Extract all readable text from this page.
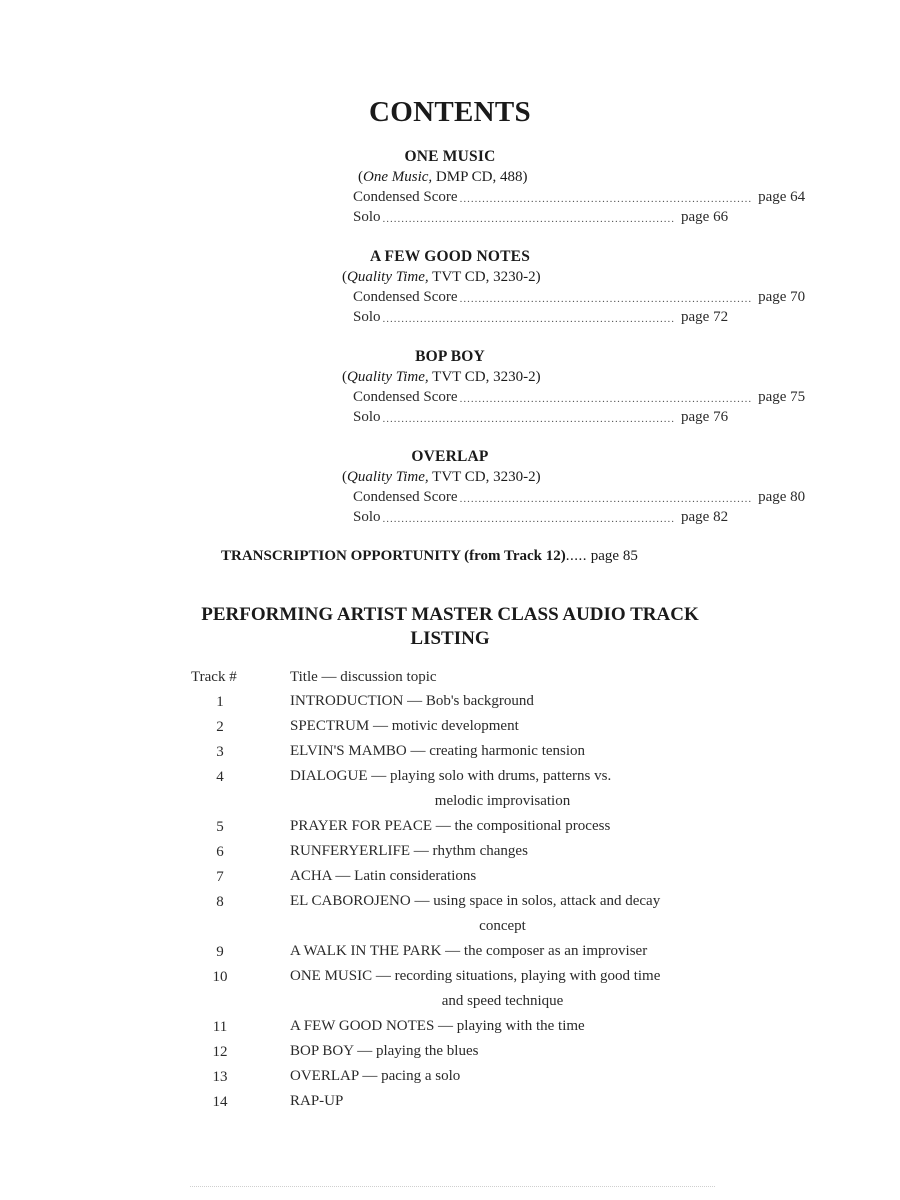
CONTENTS
ONE MUSIC
(One Music, DMP CD, 488)
Condensed Score .............................................................................. page 64
Solo .............................................................................. page 66
A FEW GOOD NOTES
(Quality Time, TVT CD, 3230-2)
Condensed Score .............................................................................. page 70
Solo .............................................................................. page 72
BOP BOY
(Quality Time, TVT CD, 3230-2)
Condensed Score .............................................................................. page 75
Solo .............................................................................. page 76
OVERLAP
(Quality Time, TVT CD, 3230-2)
Condensed Score .............................................................................. page 80
Solo .............................................................................. page 82
TRANSCRIPTION OPPORTUNITY (from Track 12)..... page 85
PERFORMING ARTIST MASTER CLASS AUDIO TRACK
LISTING
Track #	Title — discussion topic
1	INTRODUCTION — Bob's background
2	SPECTRUM — motivic development
3	ELVIN'S MAMBO — creating harmonic tension
4	DIALOGUE — playing solo with drums, patterns vs.
melodic improvisation
5	PRAYER FOR PEACE — the compositional process
6	RUNFERYERLIFE — rhythm changes
7	ACHA — Latin considerations
8	EL CABOROJENO — using space in solos, attack and decay
concept
9	A WALK IN THE PARK — the composer as an improviser
10	ONE MUSIC — recording situations, playing with good time
and speed technique
11	A FEW GOOD NOTES — playing with the time
12	BOP BOY — playing the blues
13	OVERLAP — pacing a solo
14	RAP-UP
